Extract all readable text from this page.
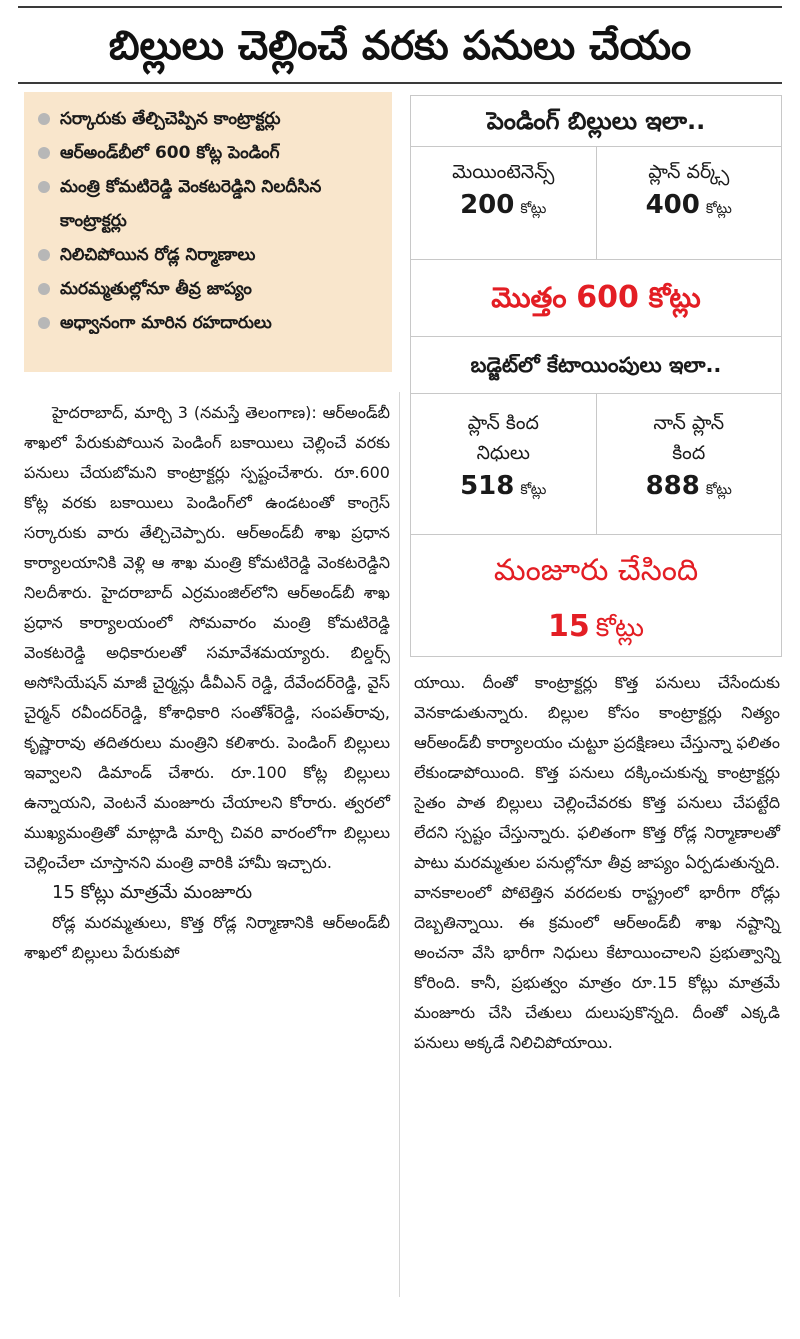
బిల్లులు చెల్లించే వరకు పనులు చేయం
సర్కారుకు తేల్చిచెప్పిన కాంట్రాక్టర్లు
ఆర్‌అండ్‌బీలో 600 కోట్ల పెండింగ్‌
మంత్రి కోమటిరెడ్డి వెంకటరెడ్డిని నిలదీసిన కాంట్రాక్టర్లు
నిలిచిపోయిన రోడ్ల నిర్మాణాలు
మరమ్మతుల్లోనూ తీవ్ర జాప్యం
అధ్వానంగా మారిన రహదారులు
పెండింగ్‌ బిల్లులు ఇలా..
మెయింటెనెన్స్‌
200 కోట్లు
ప్లాన్‌ వర్క్స్‌
400 కోట్లు
మొత్తం 600 కోట్లు
బడ్జెట్‌లో కేటాయింపులు ఇలా..
ప్లాన్‌ కింద
నిధులు
518 కోట్లు
నాన్‌ ప్లాన్‌
కింద
888 కోట్లు
మంజూరు చేసింది
15 కోట్లు

హైదరాబాద్‌, మార్చి 3 (నమస్తే తెలంగాణ): ఆర్‌అండ్‌బీ శాఖలో పేరుకుపోయిన పెండింగ్‌ బకాయిలు చెల్లించే వరకు పనులు చేయబోమని కాంట్రాక్టర్లు స్పష్టంచేశారు. రూ.600 కోట్ల వరకు బకాయిలు పెండింగ్‌లో ఉండటంతో కాంగ్రెస్‌ సర్కారుకు వారు తేల్చిచెప్పారు. ఆర్‌అండ్‌బీ శాఖ ప్రధాన కార్యాలయానికి వెళ్లి ఆ శాఖ మంత్రి కోమటిరెడ్డి వెంకటరెడ్డిని నిలదీశారు. హైదరాబాద్‌ ఎర్రమంజిల్‌లోని ఆర్‌అండ్‌బీ శాఖ ప్రధాన కార్యాలయంలో సోమవారం మంత్రి కోమటిరెడ్డి వెంకటరెడ్డి అధికారులతో సమావేశమయ్యారు. బిల్డర్స్‌ అసోసియేషన్‌ మాజీ చైర్మన్లు డీవీఎన్‌ రెడ్డి, దేవేందర్‌రెడ్డి, వైస్‌ చైర్మన్‌ రవీందర్‌రెడ్డి, కోశాధికారి సంతోశ్‌రెడ్డి, సంపత్‌రావు, కృష్ణారావు తదితరులు మంత్రిని కలిశారు. పెండింగ్‌ బిల్లులు ఇవ్వాలని డిమాండ్‌ చేశారు. రూ.100 కోట్ల బిల్లులు ఉన్నాయని, వెంటనే మంజూరు చేయాలని కోరారు. త్వరలో ముఖ్యమంత్రితో మాట్లాడి మార్చి చివరి వారంలోగా బిల్లులు చెల్లించేలా చూస్తానని మంత్రి వారికి హామీ ఇచ్చారు.

15 కోట్లు మాత్రమే మంజూరు

రోడ్ల మరమ్మతులు, కొత్త రోడ్ల నిర్మాణానికి ఆర్‌అండ్‌బీ శాఖలో బిల్లులు పేరుకుపో

యాయి. దీంతో కాంట్రాక్టర్లు కొత్త పనులు చేసేందుకు వెనకాడుతున్నారు. బిల్లుల కోసం కాంట్రాక్టర్లు నిత్యం ఆర్‌అండ్‌బీ కార్యాలయం చుట్టూ ప్రదక్షిణలు చేస్తున్నా ఫలితం లేకుండాపోయింది. కొత్త పనులు దక్కించుకున్న కాంట్రాక్టర్లు సైతం పాత బిల్లులు చెల్లించేవరకు కొత్త పనులు చేపట్టేది లేదని స్పష్టం చేస్తున్నారు. ఫలితంగా కొత్త రోడ్ల నిర్మాణాలతో పాటు మరమ్మతుల పనుల్లోనూ తీవ్ర జాప్యం ఏర్పడుతున్నది. వానకాలంలో పోటెత్తిన వరదలకు రాష్ట్రంలో భారీగా రోడ్లు దెబ్బతిన్నాయి. ఈ క్రమంలో ఆర్‌అండ్‌బీ శాఖ నష్టాన్ని అంచనా వేసి భారీగా నిధులు కేటాయించాలని ప్రభుత్వాన్ని కోరింది. కానీ, ప్రభుత్వం మాత్రం రూ.15 కోట్లు మాత్రమే మంజూరు చేసి చేతులు దులుపుకొన్నది. దీంతో ఎక్కడి పనులు అక్కడే నిలిచిపోయాయి.
